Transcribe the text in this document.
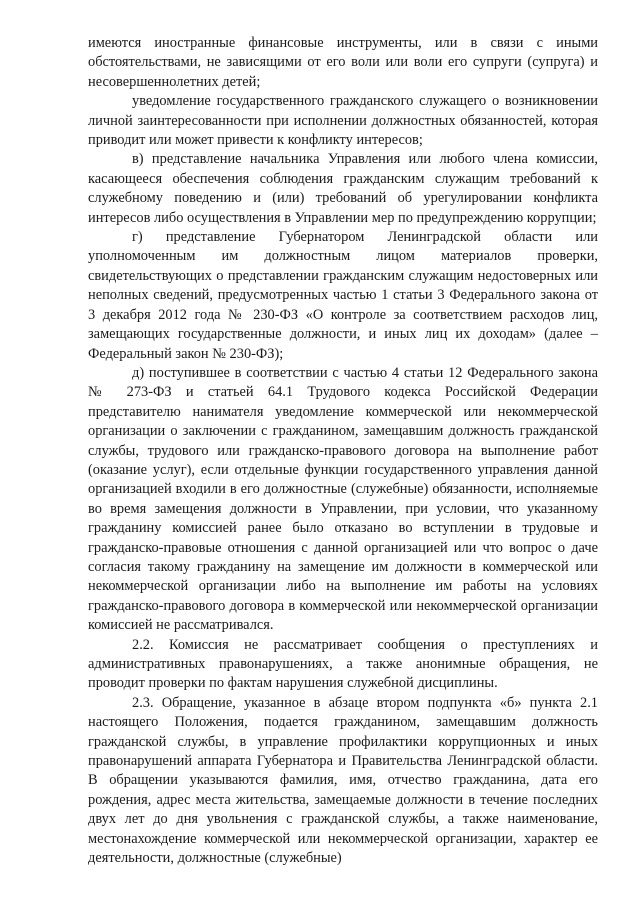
имеются иностранные финансовые инструменты, или в связи с иными обстоятельствами, не зависящими от его воли или воли его супруги (супруга) и несовершеннолетних детей;

уведомление государственного гражданского служащего о возникновении личной заинтересованности при исполнении должностных обязанностей, которая приводит или может привести к конфликту интересов;

в) представление начальника Управления или любого члена комиссии, касающееся обеспечения соблюдения гражданским служащим требований к служебному поведению и (или) требований об урегулировании конфликта интересов либо осуществления в Управлении мер по предупреждению коррупции;

г) представление Губернатором Ленинградской области или уполномоченным им должностным лицом материалов проверки, свидетельствующих о представлении гражданским служащим недостоверных или неполных сведений, предусмотренных частью 1 статьи 3 Федерального закона от 3 декабря 2012 года № 230-ФЗ «О контроле за соответствием расходов лиц, замещающих государственные должности, и иных лиц их доходам» (далее – Федеральный закон № 230-ФЗ);

д) поступившее в соответствии с частью 4 статьи 12 Федерального закона № 273-ФЗ и статьей 64.1 Трудового кодекса Российской Федерации представителю нанимателя уведомление коммерческой или некоммерческой организации о заключении с гражданином, замещавшим должность гражданской службы, трудового или гражданско-правового договора на выполнение работ (оказание услуг), если отдельные функции государственного управления данной организацией входили в его должностные (служебные) обязанности, исполняемые во время замещения должности в Управлении, при условии, что указанному гражданину комиссией ранее было отказано во вступлении в трудовые и гражданско-правовые отношения с данной организацией или что вопрос о даче согласия такому гражданину на замещение им должности в коммерческой или некоммерческой организации либо на выполнение им работы на условиях гражданско-правового договора в коммерческой или некоммерческой организации комиссией не рассматривался.

2.2. Комиссия не рассматривает сообщения о преступлениях и административных правонарушениях, а также анонимные обращения, не проводит проверки по фактам нарушения служебной дисциплины.

2.3. Обращение, указанное в абзаце втором подпункта «б» пункта 2.1 настоящего Положения, подается гражданином, замещавшим должность гражданской службы, в управление профилактики коррупционных и иных правонарушений аппарата Губернатора и Правительства Ленинградской области. В обращении указываются фамилия, имя, отчество гражданина, дата его рождения, адрес места жительства, замещаемые должности в течение последних двух лет до дня увольнения с гражданской службы, а также наименование, местонахождение коммерческой или некоммерческой организации, характер ее деятельности, должностные (служебные)
